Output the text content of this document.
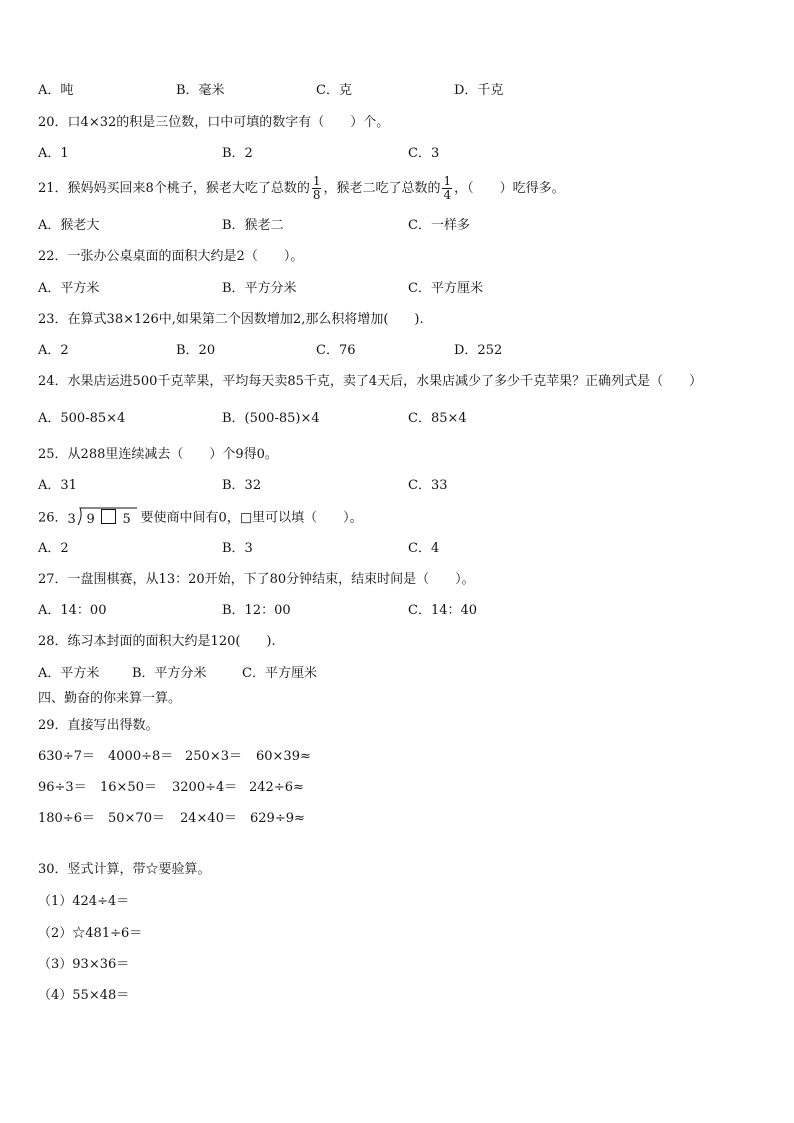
A．吨	B．毫米	C．克	D．千克
20．口4×32的积是三位数，口中可填的数字有（　　）个。
A．1	B．2	C．3
21．猴妈妈买回来8个桃子，猴老大吃了总数的 $\frac{1}{8}$ ，猴老二吃了总数的 $\frac{1}{4}$ ，（　　）吃得多。
A．猴老大	B．猴老二	C．一样多
22．一张办公桌桌面的面积大约是2（　　）。
A．平方米	B．平方分米	C．平方厘米
23．在算式38×126中,如果第二个因数增加2,那么积将增加(　　).
A．2	B．20	C．76	D．252
24．水果店运进500千克苹果，平均每天卖85千克，卖了4天后，水果店减少了多少千克苹果？正确列式是（　　）
A．500-85×4	B．(500-85)×4	C．85×4
25．从288里连续减去（　　）个9得0。
A．31	B．32	C．33
26． 3 9 5 要使商中间有0，□里可以填（　　）。
A．2	B．3	C．4
27．一盘围棋赛，从13：20开始，下了80分钟结束，结束时间是（　　）。
A．14：00	B．12：00	C．14：40
28．练习本封面的面积大约是120(　　).
A．平方米	B．平方分米	C．平方厘米
四、勤奋的你来算一算。
29．直接写出得数。
630÷7＝ 4000÷8＝ 250×3＝ 60×39≈
96÷3＝ 16×50＝ 3200÷4＝ 242÷6≈
180÷6＝ 50×70＝ 24×40＝ 629÷9≈
30．竖式计算，带☆要验算。
（1）424÷4＝
（2）☆481÷6＝
（3）93×36＝
（4）55×48＝
